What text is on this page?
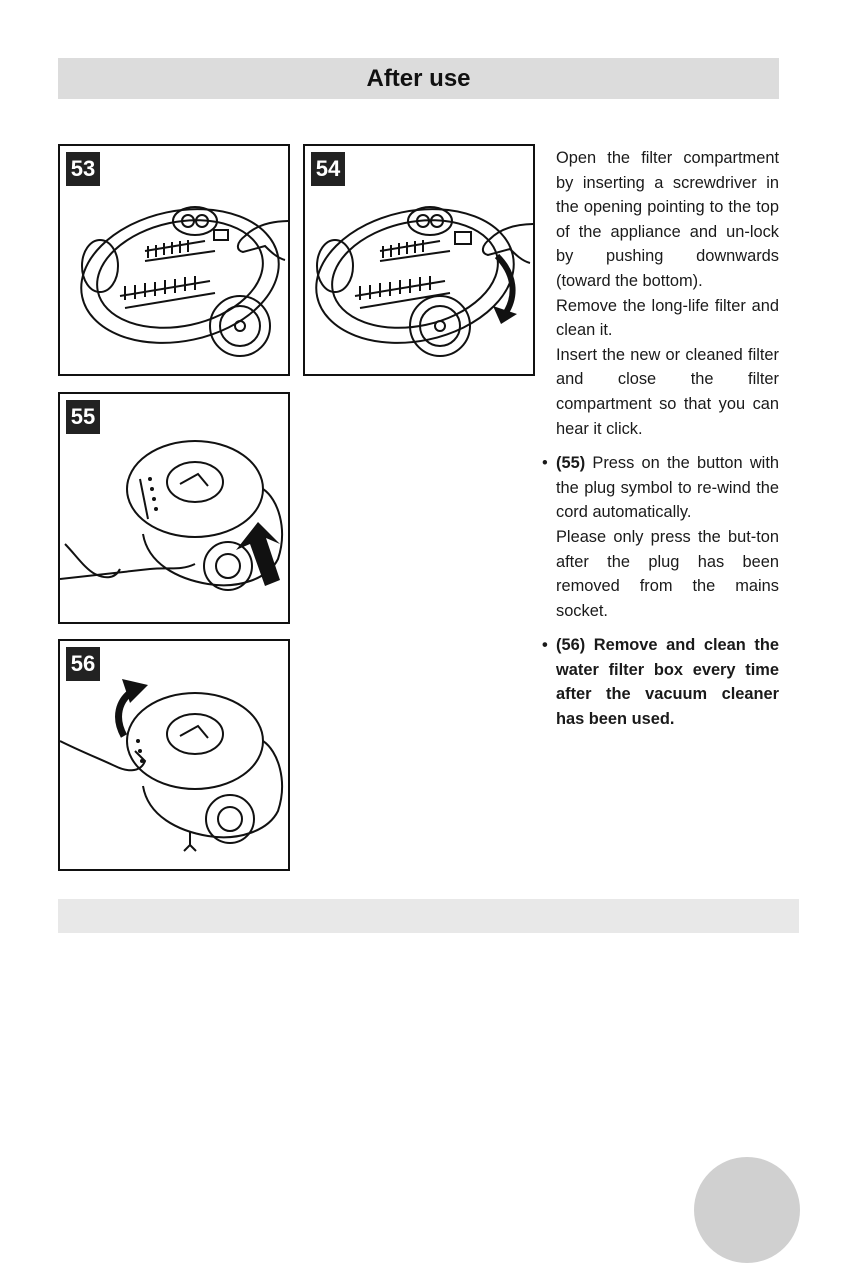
After use
53	54
55
56

Open the filter compartment by inserting a screwdriver in the opening pointing to the top of the appliance and un-lock by pushing downwards (toward the bottom).

Remove the long-life filter and clean it.

Insert the new or cleaned filter and close the filter compartment so that you can hear it click.

• (55) Press on the button with the plug symbol to re-wind the cord automatically.

Please only press the but-ton after the plug has been removed from the mains socket.

• (56) Remove and clean the water filter box every time after the vacuum cleaner has been used.
